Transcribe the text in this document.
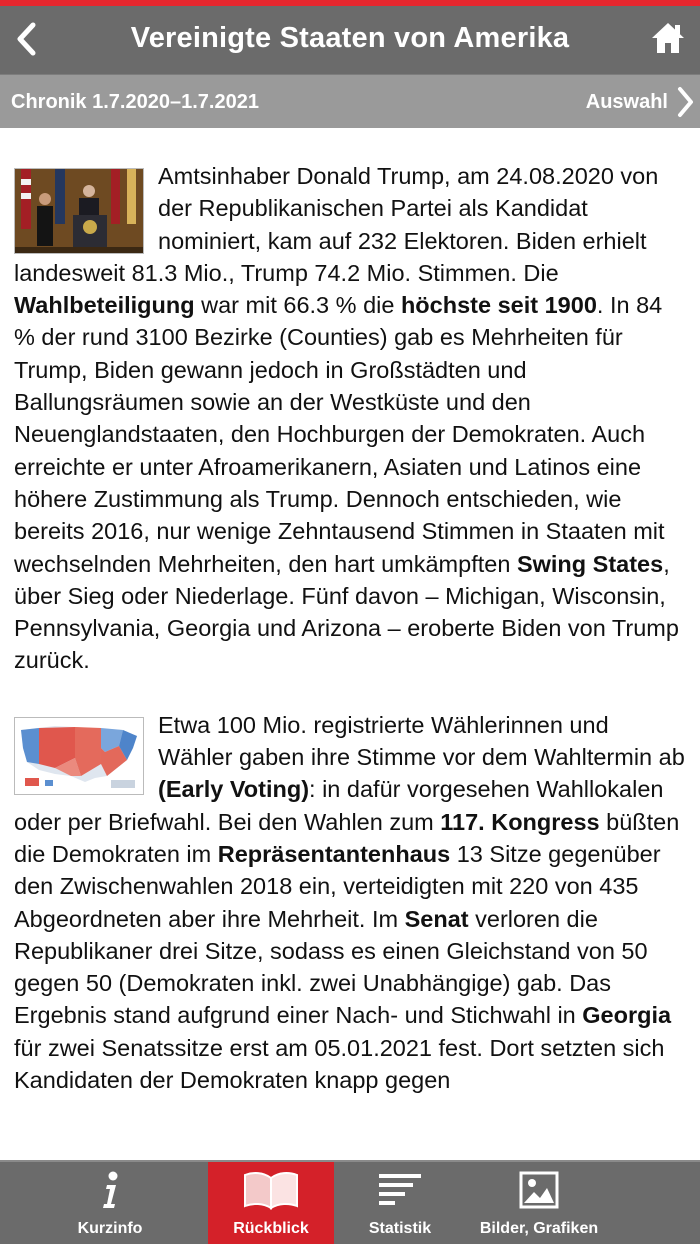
Vereinigte Staaten von Amerika
Chronik 1.7.2020–1.7.2021	Auswahl

Amtsinhaber Donald Trump, am 24.08.2020 von der Republikanischen Partei als Kandidat nominiert, kam auf 232 Elektoren. Biden erhielt landesweit 81.3 Mio., Trump 74.2 Mio. Stimmen. Die Wahlbeteiligung war mit 66.3 % die höchste seit 1900. In 84 % der rund 3100 Bezirke (Counties) gab es Mehrheiten für Trump, Biden gewann jedoch in Großstädten und Ballungsräumen sowie an der Westküste und den Neuenglandstaaten, den Hochburgen der Demokraten. Auch erreichte er unter Afroamerikanern, Asiaten und Latinos eine höhere Zustimmung als Trump. Dennoch entschieden, wie bereits 2016, nur wenige Zehntausend Stimmen in Staaten mit wechselnden Mehrheiten, den hart umkämpften Swing States, über Sieg oder Niederlage. Fünf davon – Michigan, Wisconsin, Pennsylvania, Georgia und Arizona – eroberte Biden von Trump zurück.

Etwa 100 Mio. registrierte Wählerinnen und Wähler gaben ihre Stimme vor dem Wahltermin ab (Early Voting): in dafür vorgesehen Wahllokalen oder per Briefwahl. Bei den Wahlen zum 117. Kongress büßten die Demokraten im Repräsentantenhaus 13 Sitze gegenüber den Zwischenwahlen 2018 ein, verteidigten mit 220 von 435 Abgeordneten aber ihre Mehrheit. Im Senat verloren die Republikaner drei Sitze, sodass es einen Gleichstand von 50 gegen 50 (Demokraten inkl. zwei Unabhängige) gab. Das Ergebnis stand aufgrund einer Nach- und Stichwahl in Georgia für zwei Senatssitze erst am 05.01.2021 fest. Dort setzten sich Kandidaten der Demokraten knapp gegen

Kurzinfo	Rückblick	Statistik	Bilder, Grafiken
